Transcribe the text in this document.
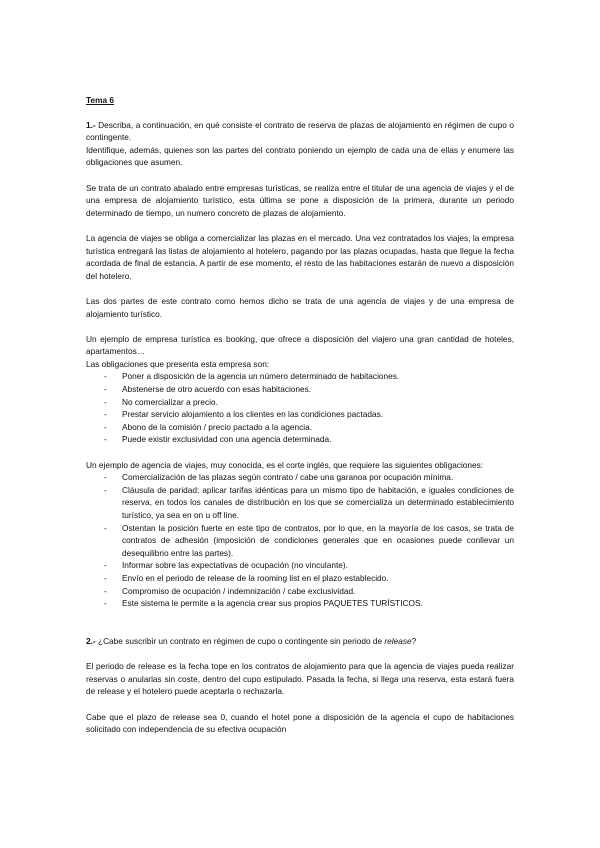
Tema 6

1.- Describa, a continuación, en qué consiste el contrato de reserva de plazas de alojamiento en régimen de cupo o contingente.

Identifique, además, quienes son las partes del contrato poniendo un ejemplo de cada una de ellas y enumere las obligaciones que asumen.

Se trata de un contrato abalado entre empresas turísticas, se realiza entre el titular de una agencia de viajes y el de una empresa de alojamiento turístico, esta última se pone a disposición de la primera, durante un periodo determinado de tiempo, un numero concreto de plazas de alojamiento.

La agencia de viajes se obliga a comercializar las plazas en el mercado. Una vez contratados los viajes, la empresa turística entregará las listas de alojamiento al hotelero, pagando por las plazas ocupadas, hasta que llegue la fecha acordada de final de estancia. A partir de ese momento, el resto de las habitaciones estarán de nuevo a disposición del hotelero.

Las dos partes de este contrato como hemos dicho se trata de una agencia de viajes y de una empresa de alojamiento turístico.

Un ejemplo de empresa turística es booking, que ofrece a disposición del viajero una gran cantidad de hoteles, apartamentos…

Las obligaciones que presenta esta empresa son:

- Poner a disposición de la agencia un número determinado de habitaciones.
- Abstenerse de otro acuerdo con esas habitaciones.
- No comercializar a precio.
- Prestar servicio alojamiento a los clientes en las condiciones pactadas.
- Abono de la comisión / precio pactado a la agencia.
- Puede existir exclusividad con una agencia determinada.

Un ejemplo de agencia de viajes, muy conocida, es el corte inglés, que requiere las siguientes obligaciones:

- Comercialización de las plazas según contrato / cabe una garanoa por ocupación mínima.
- Cláusula de paridad: aplicar tarifas idénticas para un mismo tipo de habitación, e iguales condiciones de reserva, en todos los canales de distribución en los que se comercializa un determinado establecimiento turístico, ya sea en on u off line.
- Ostentan la posición fuerte en este tipo de contratos, por lo que, en la mayoría de los casos, se trata de contratos de adhesión (imposición de condiciones generales que en ocasiones puede conllevar un desequilibrio entre las partes).
- Informar sobre las expectativas de ocupación (no vinculante).
- Envío en el periodo de release de la rooming list en el plazo establecido.
- Compromiso de ocupación / indemnización / cabe exclusividad.
- Este sistema le permite a la agencia crear sus propios PAQUETES TURÍSTICOS.

2.- ¿Cabe suscribir un contrato en régimen de cupo o contingente sin periodo de release?

El periodo de release es la fecha tope en los contratos de alojamiento para que la agencia de viajes pueda realizar reservas o anularlas sin coste, dentro del cupo estipulado. Pasada la fecha, si llega una reserva, esta estará fuera de release y el hotelero puede aceptarla o rechazarla.

Cabe que el plazo de release sea 0, cuando el hotel pone a disposición de la agencia el cupo de habitaciones solicitado con independencia de su efectiva ocupación
